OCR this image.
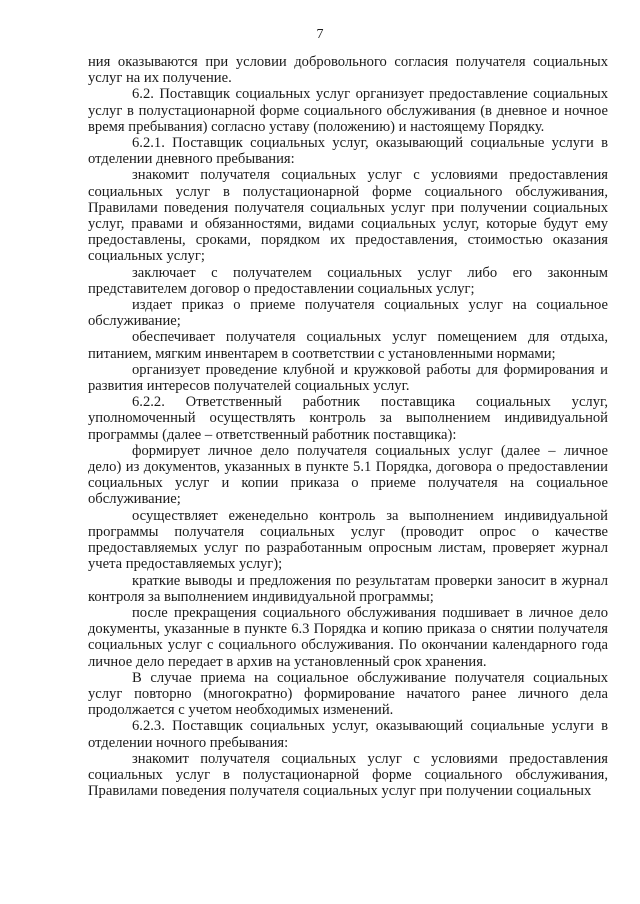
7

ния оказываются при условии добровольного согласия получателя социальных услуг на их получение.

6.2. Поставщик социальных услуг организует предоставление социальных услуг в полустационарной форме социального обслуживания (в дневное и ночное время пребывания) согласно уставу (положению) и настоящему Порядку.

6.2.1. Поставщик социальных услуг, оказывающий социальные услуги в отделении дневного пребывания:

знакомит получателя социальных услуг с условиями предоставления социальных услуг в полустационарной форме социального обслуживания, Правилами поведения получателя социальных услуг при получении социальных услуг, правами и обязанностями, видами социальных услуг, которые будут ему предоставлены, сроками, порядком их предоставления, стоимостью оказания социальных услуг;

заключает с получателем социальных услуг либо его законным представителем договор о предоставлении социальных услуг;

издает приказ о приеме получателя социальных услуг на социальное обслуживание;

обеспечивает получателя социальных услуг помещением для отдыха, питанием, мягким инвентарем в соответствии с установленными нормами;

организует проведение клубной и кружковой работы для формирования и развития интересов получателей социальных услуг.

6.2.2. Ответственный работник поставщика социальных услуг, уполномоченный осуществлять контроль за выполнением индивидуальной программы (далее – ответственный работник поставщика):

формирует личное дело получателя социальных услуг (далее – личное дело) из документов, указанных в пункте 5.1 Порядка, договора о предоставлении социальных услуг и копии приказа о приеме получателя на социальное обслуживание;

осуществляет еженедельно контроль за выполнением индивидуальной программы получателя социальных услуг (проводит опрос о качестве предоставляемых услуг по разработанным опросным листам, проверяет журнал учета предоставляемых услуг);

краткие выводы и предложения по результатам проверки заносит в журнал контроля за выполнением индивидуальной программы;

после прекращения социального обслуживания подшивает в личное дело документы, указанные в пункте 6.3 Порядка и копию приказа о снятии получателя социальных услуг с социального обслуживания. По окончании календарного года личное дело передает в архив на установленный срок хранения.

В случае приема на социальное обслуживание получателя социальных услуг повторно (многократно) формирование начатого ранее личного дела продолжается с учетом необходимых изменений.

6.2.3. Поставщик социальных услуг, оказывающий социальные услуги в отделении ночного пребывания:

знакомит получателя социальных услуг с условиями предоставления социальных услуг в полустационарной форме социального обслуживания, Правилами поведения получателя социальных услуг при получении социальных
